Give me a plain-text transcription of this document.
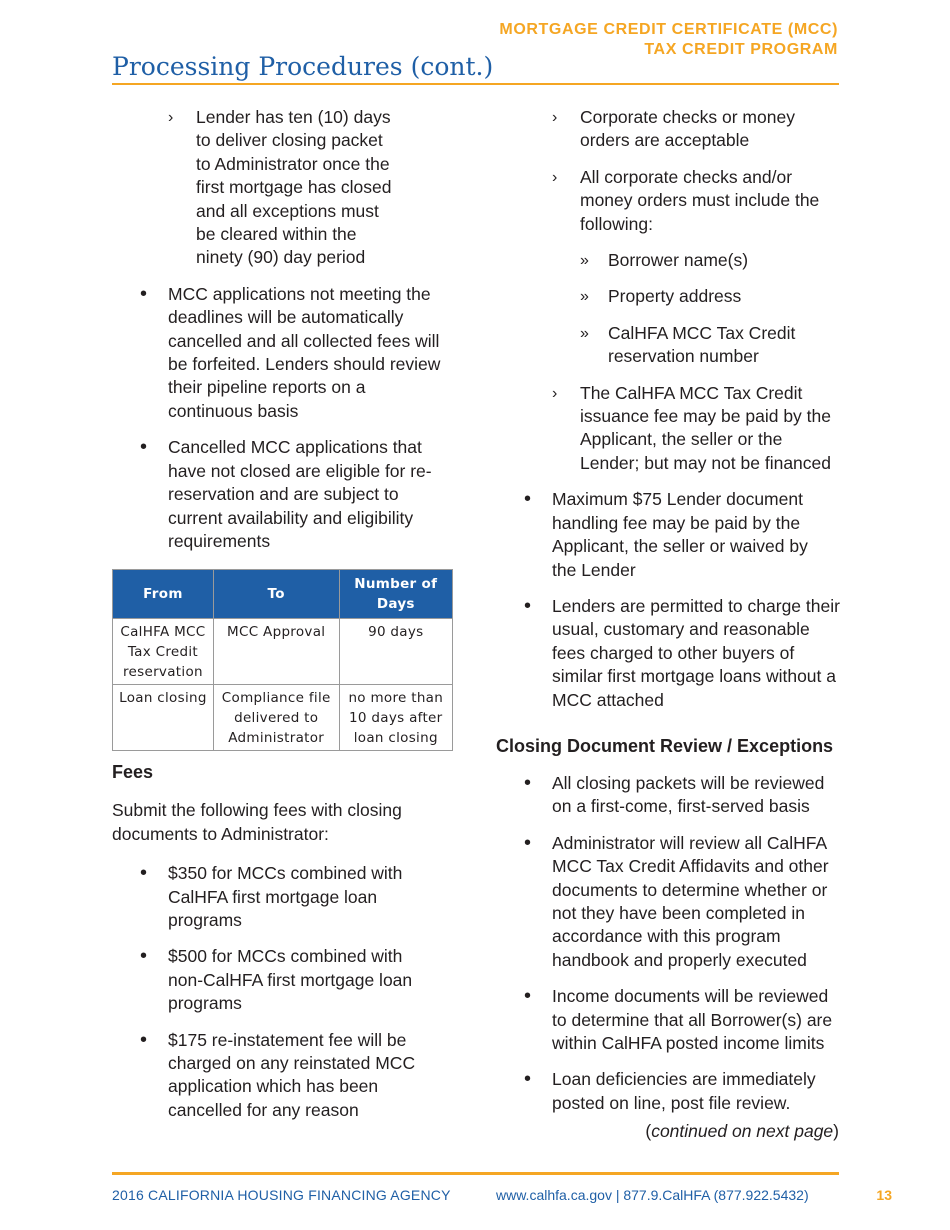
MORTGAGE CREDIT CERTIFICATE (MCC)
TAX CREDIT PROGRAM
Processing Procedures (cont.)
› Lender has ten (10) days to deliver closing packet to Administrator once the first mortgage has closed and all exceptions must be cleared within the ninety (90) day period
• MCC applications not meeting the deadlines will be automatically cancelled and all collected fees will be forfeited. Lenders should review their pipeline reports on a continuous basis
• Cancelled MCC applications that have not closed are eligible for re-reservation and are subject to current availability and eligibility requirements
From	To	Number of Days
CalHFA MCC Tax Credit reservation	MCC Approval	90 days
Loan closing	Compliance file delivered to Administrator	no more than 10 days after loan closing
Fees
Submit the following fees with closing documents to Administrator:
• $350 for MCCs combined with CalHFA first mortgage loan programs
• $500 for MCCs combined with non-CalHFA first mortgage loan programs
• $175 re-instatement fee will be charged on any reinstated MCC application which has been cancelled for any reason
› Corporate checks or money orders are acceptable
› All corporate checks and/or money orders must include the following:
» Borrower name(s)
» Property address
» CalHFA MCC Tax Credit reservation number
› The CalHFA MCC Tax Credit issuance fee may be paid by the Applicant, the seller or the Lender; but may not be financed
• Maximum $75 Lender document handling fee may be paid by the Applicant, the seller or waived by the Lender
• Lenders are permitted to charge their usual, customary and reasonable fees charged to other buyers of similar first mortgage loans without a MCC attached
Closing Document Review / Exceptions
• All closing packets will be reviewed on a first-come, first-served basis
• Administrator will review all CalHFA MCC Tax Credit Affidavits and other documents to determine whether or not they have been completed in accordance with this program handbook and properly executed
• Income documents will be reviewed to determine that all Borrower(s) are within CalHFA posted income limits
• Loan deficiencies are immediately posted on line, post file review.
(continued on next page)
2016 CALIFORNIA HOUSING FINANCING AGENCY	www.calhfa.ca.gov | 877.9.CalHFA (877.922.5432)	13
